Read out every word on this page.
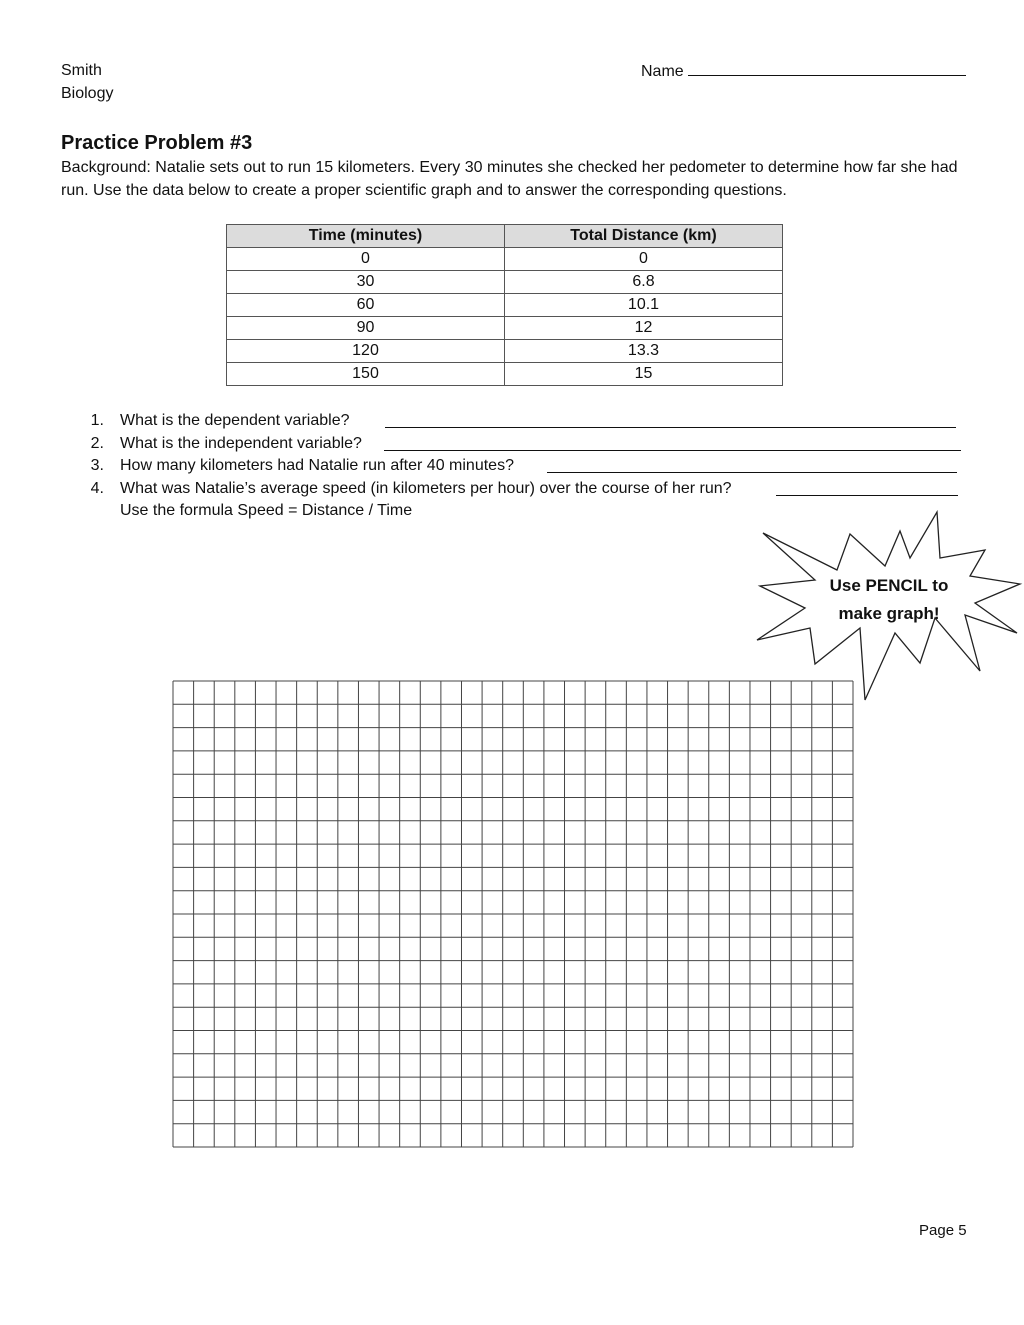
Smith
Biology
Name
Practice Problem #3
Background: Natalie sets out to run 15 kilometers. Every 30 minutes she checked her pedometer to determine how far she had run. Use the data below to create a proper scientific graph and to answer the corresponding questions.
Time (minutes)	Total Distance (km)
0	0
30	6.8
60	10.1
90	12
120	13.3
150	15
1. What is the dependent variable?
2. What is the independent variable?
3. How many kilometers had Natalie run after 40 minutes?
4. What was Natalie’s average speed (in kilometers per hour) over the course of her run?
Use the formula Speed = Distance / Time
Use PENCIL to
make graph!
Page 5
